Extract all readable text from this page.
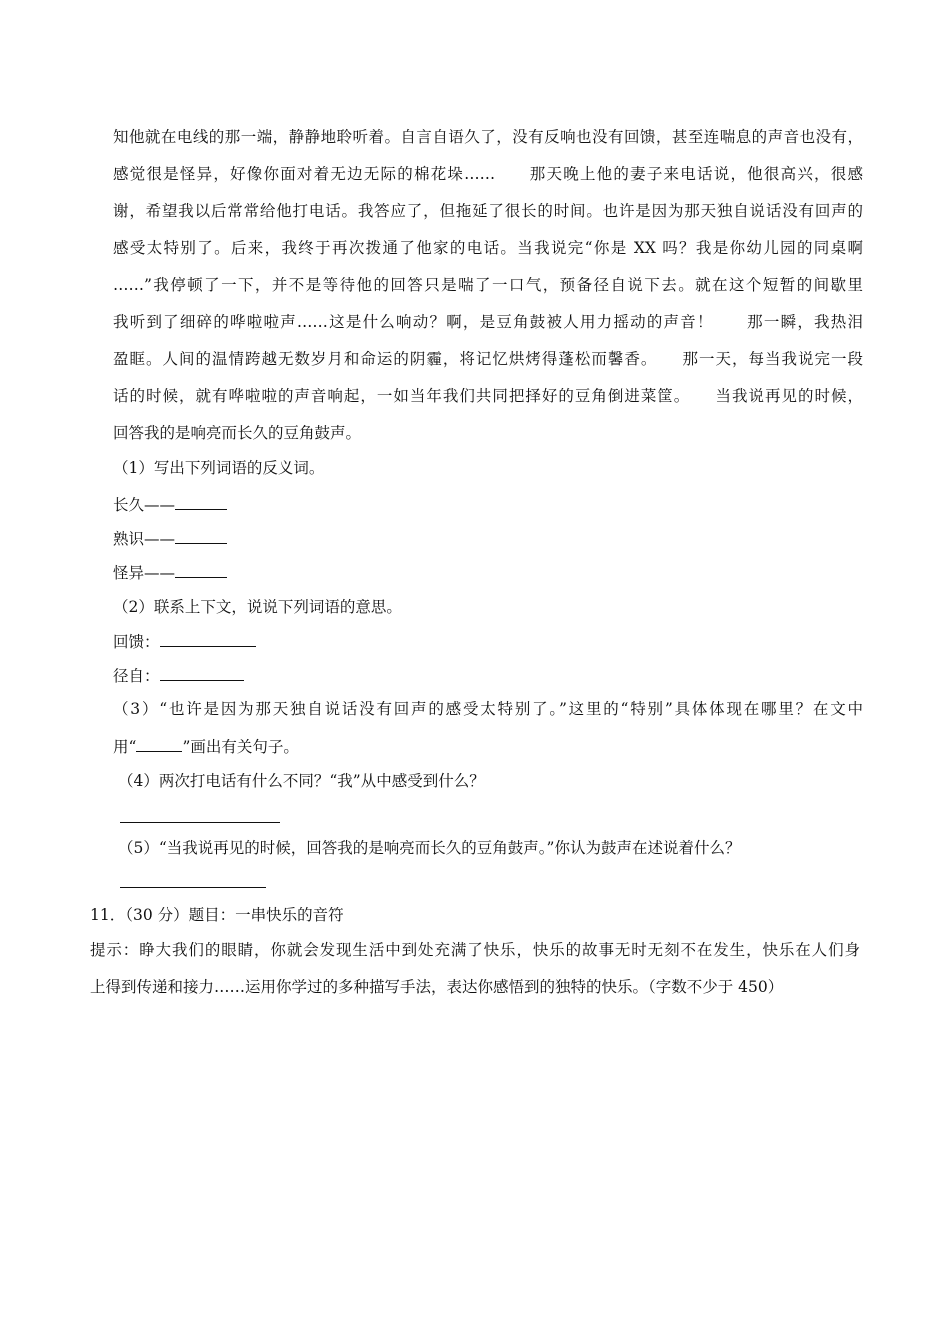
知他就在电线的那一端，静静地聆听着。自言自语久了，没有反响也没有回馈，甚至连喘息的声音也没有，
感觉很是怪异，好像你面对着无边无际的棉花垛……　　那天晚上他的妻子来电话说，他很高兴，很感
谢，希望我以后常常给他打电话。我答应了，但拖延了很长的时间。也许是因为那天独自说话没有回声的
感受太特别了。后来，我终于再次拨通了他家的电话。当我说完“你是 XX 吗？我是你幼儿园的同桌啊
……”我停顿了一下，并不是等待他的回答只是喘了一口气，预备径自说下去。就在这个短暂的间歇里
我听到了细碎的哗啦啦声……这是什么响动？啊，是豆角鼓被人用力摇动的声音！　　那一瞬，我热泪
盈眶。人间的温情跨越无数岁月和命运的阴霾，将记忆烘烤得蓬松而馨香。　　那一天，每当我说完一段
话的时候，就有哗啦啦的声音响起，一如当年我们共同把择好的豆角倒进菜筐。　　当我说再见的时候，
回答我的是响亮而长久的豆角鼓声。
（1）写出下列词语的反义词。
长久——
熟识——
怪异——
（2）联系上下文，说说下列词语的意思。
回馈：
径自：
（3）“也许是因为那天独自说话没有回声的感受太特别了。”这里的“特别”具体体现在哪里？在文中
用“	”画出有关句子。
（4）两次打电话有什么不同？“我”从中感受到什么？
（5）“当我说再见的时候，回答我的是响亮而长久的豆角鼓声。”你认为鼓声在述说着什么？
11．（30 分）题目：一串快乐的音符
提示：睁大我们的眼睛，你就会发现生活中到处充满了快乐，快乐的故事无时无刻不在发生，快乐在人们身
上得到传递和接力……运用你学过的多种描写手法，表达你感悟到的独特的快乐。（字数不少于 450）
